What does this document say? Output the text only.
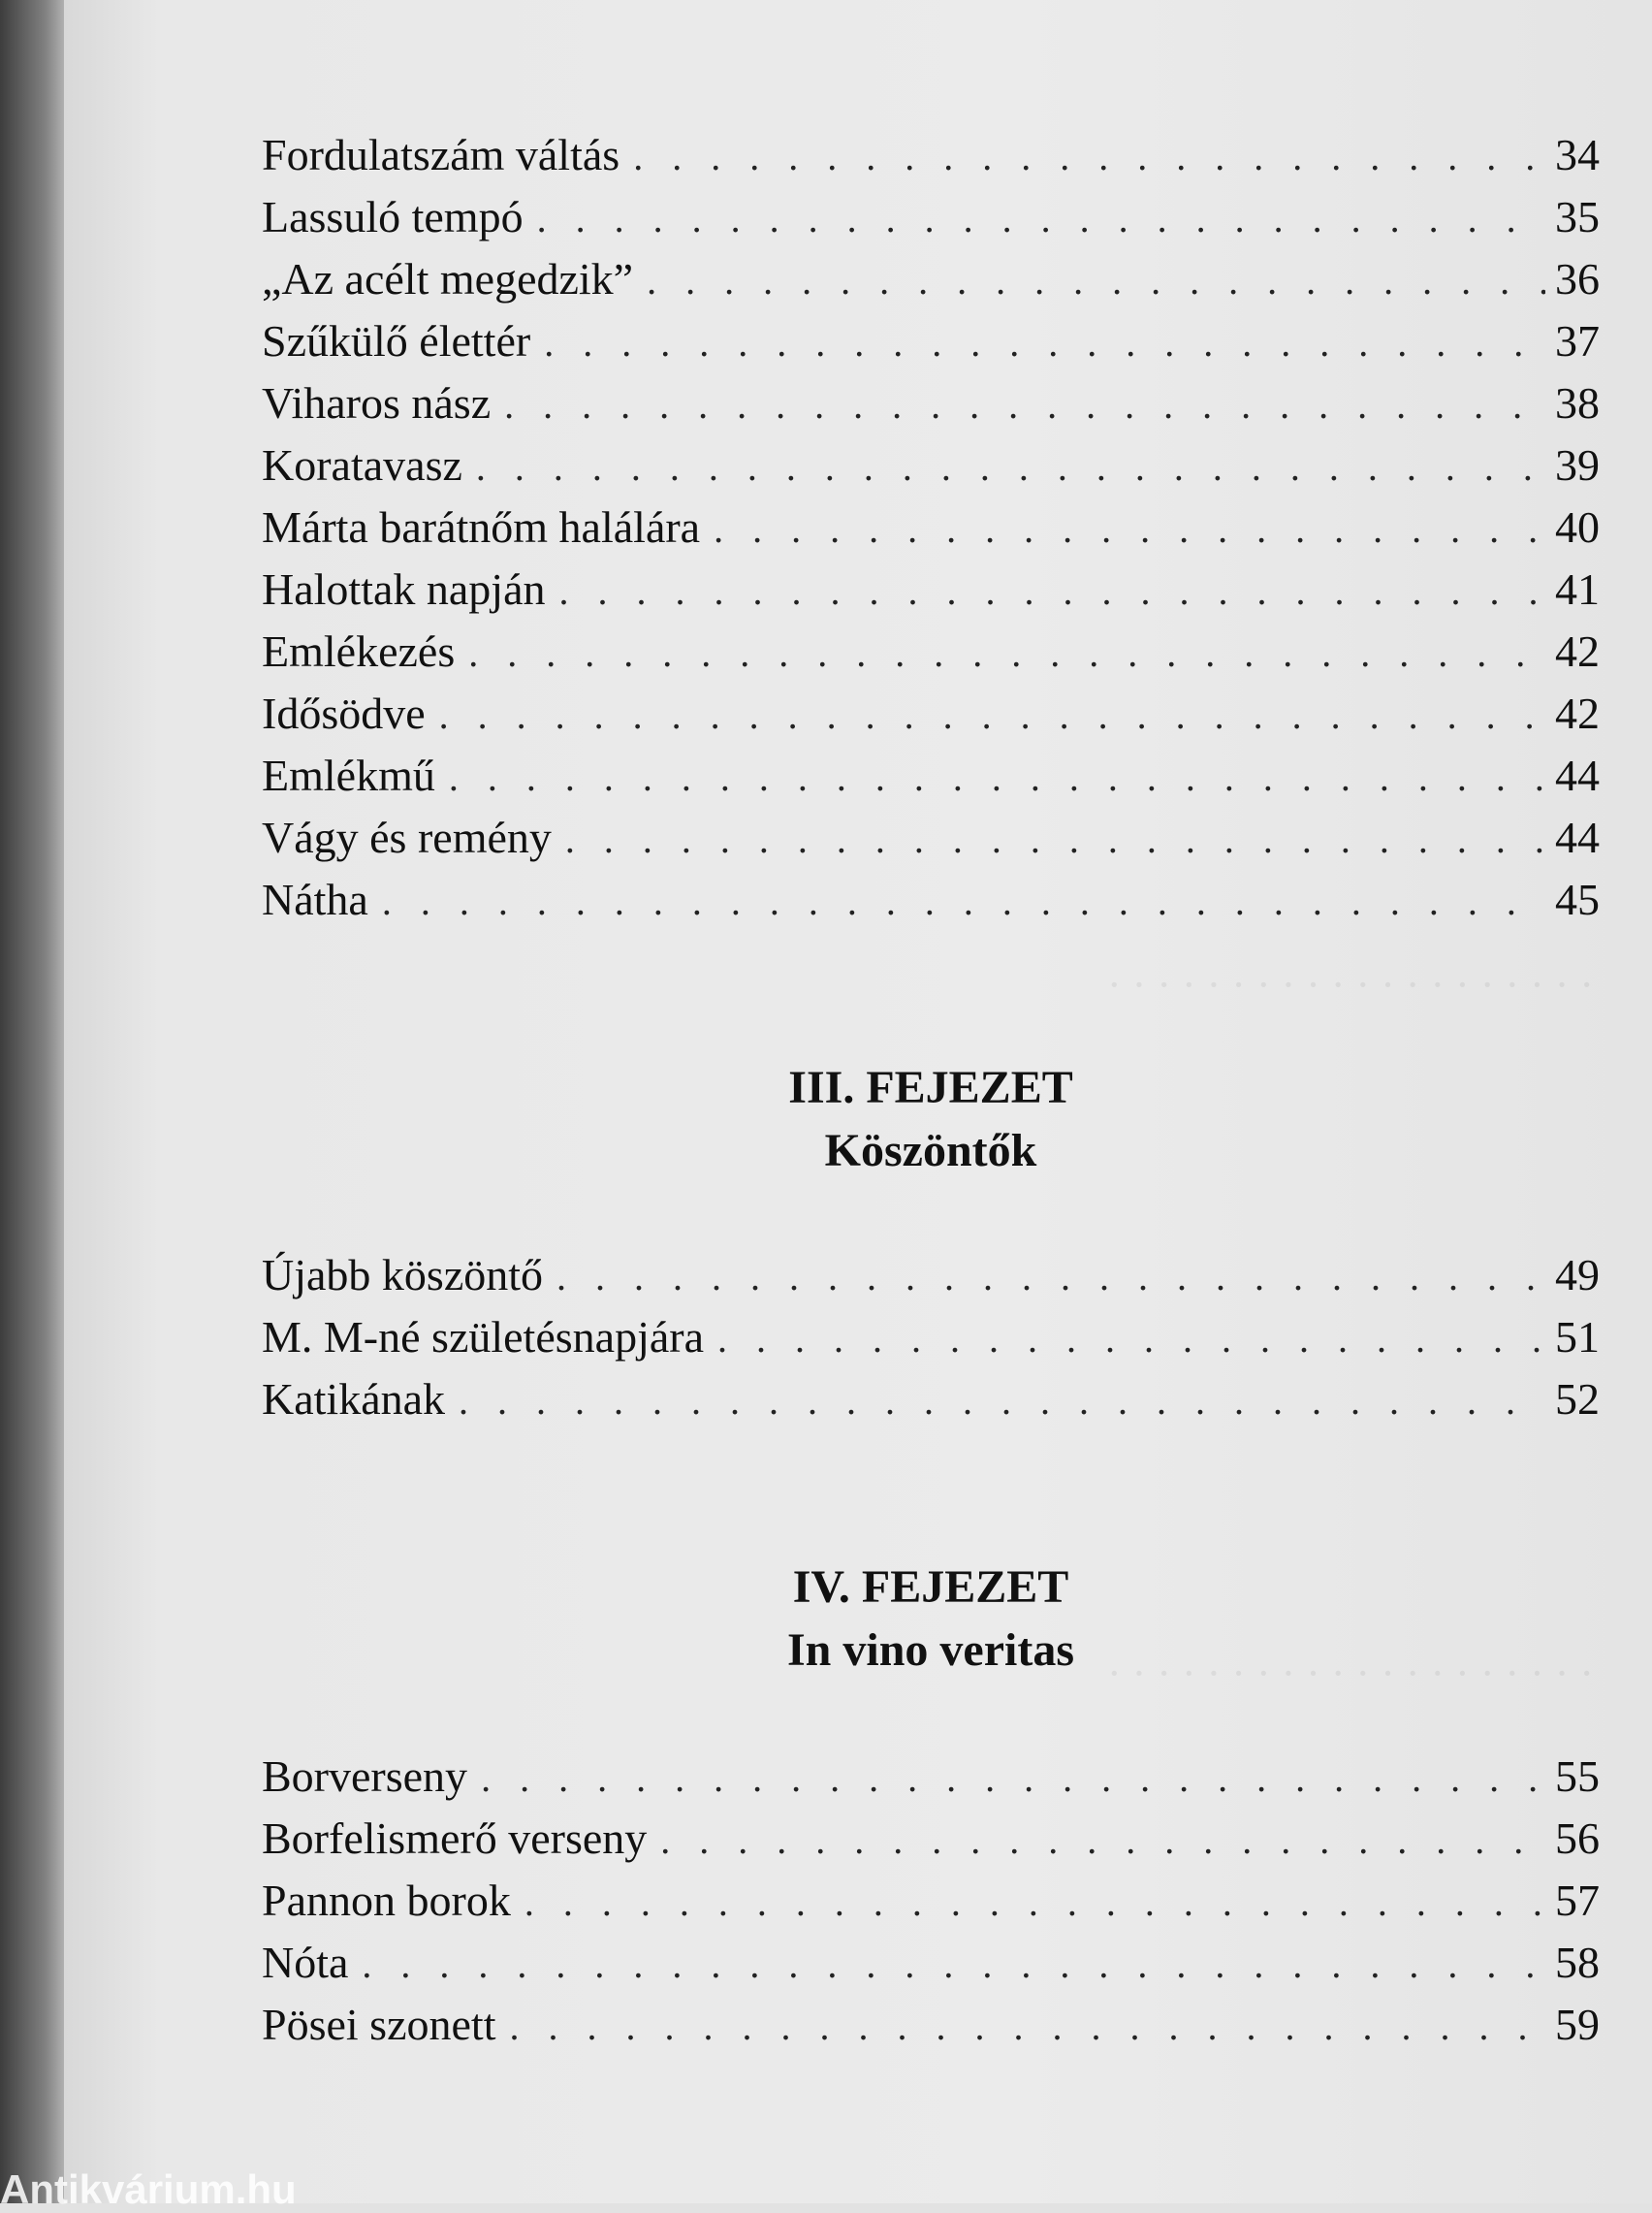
· · · · · · · · · · · · · · · · · · · ·
· · · · · · · · · · · · · · · · · · · ·
Fordulatszám váltás . . .	34
Lassuló tempó . . .	35
„Az acélt megedzik” . . .	36
Szűkülő élettér . . .	37
Viharos nász . . .	38
Koratavasz . . .	39
Márta barátnőm halálára . . .	40
Halottak napján . . .	41
Emlékezés . . .	42
Idősödve . . .	42
Emlékmű . . .	44
Vágy és remény . . .	44
Nátha . . .	45
III. FEJEZET
Köszöntők
Újabb köszöntő . . .	49
M. M-né születésnapjára . . .	51
Katikának . . .	52
IV. FEJEZET
In vino veritas
Borverseny . . .	55
Borfelismerő verseny . . .	56
Pannon borok . . .	57
Nóta . . .	58
Pösei szonett . . .	59
Antikvárium.hu
